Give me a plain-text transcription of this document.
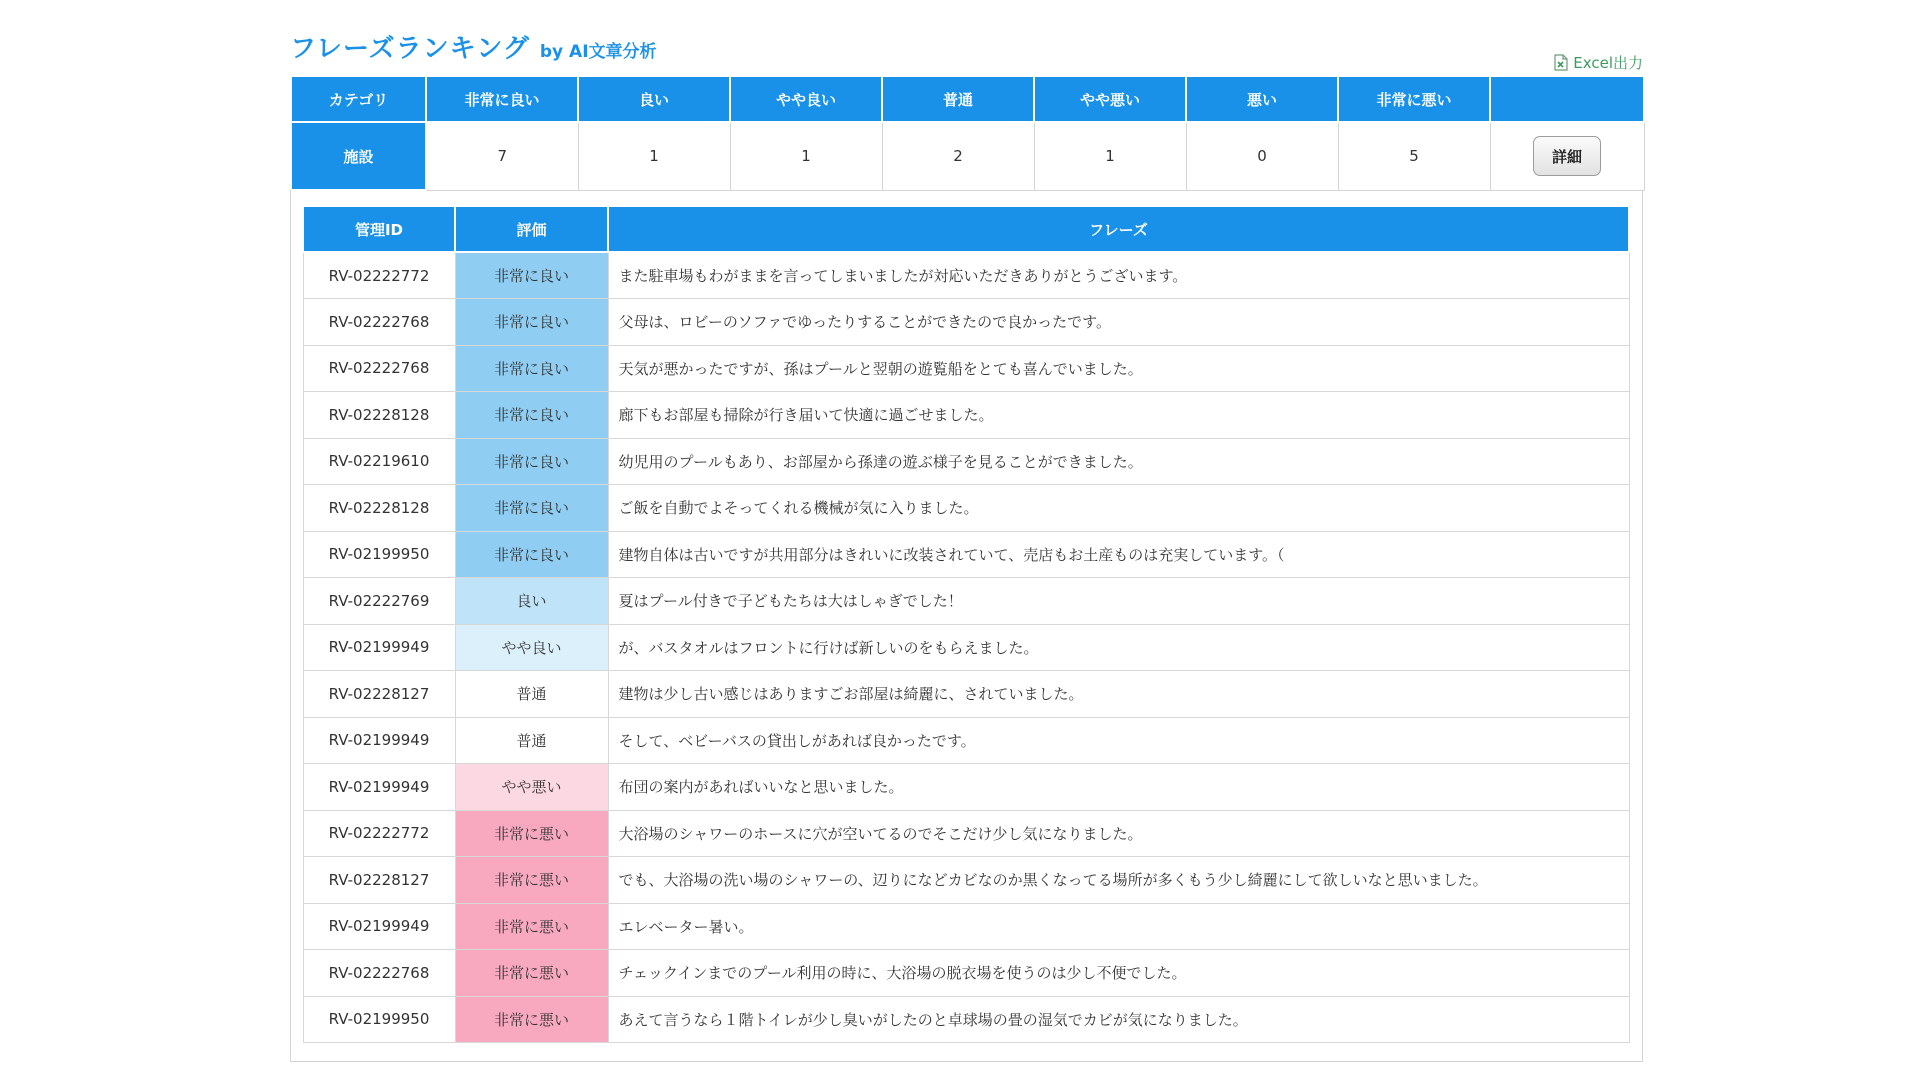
フレーズランキング by AI文章分析
Excel出力
カテゴリ	非常に良い	良い	やや良い	普通	やや悪い	悪い	非常に悪い	
施設	7	1	1	2	1	0	5	詳細
管理ID	評価	フレーズ
RV-02222772	非常に良い	また駐車場もわがままを言ってしまいましたが対応いただきありがとうございます。
RV-02222768	非常に良い	父母は、ロビーのソファでゆったりすることができたので良かったです。
RV-02222768	非常に良い	天気が悪かったですが、孫はプールと翌朝の遊覧船をとても喜んでいました。
RV-02228128	非常に良い	廊下もお部屋も掃除が行き届いて快適に過ごせました。
RV-02219610	非常に良い	幼児用のプールもあり、お部屋から孫達の遊ぶ様子を見ることができました。
RV-02228128	非常に良い	ご飯を自動でよそってくれる機械が気に入りました。
RV-02199950	非常に良い	建物自体は古いですが共用部分はきれいに改装されていて、売店もお土産ものは充実しています。（
RV-02222769	良い	夏はプール付きで子どもたちは大はしゃぎでした！
RV-02199949	やや良い	が、バスタオルはフロントに行けば新しいのをもらえました。
RV-02228127	普通	建物は少し古い感じはありますごお部屋は綺麗に、されていました。
RV-02199949	普通	そして、ベビーバスの貸出しがあれば良かったです。
RV-02199949	やや悪い	布団の案内があればいいなと思いました。
RV-02222772	非常に悪い	大浴場のシャワーのホースに穴が空いてるのでそこだけ少し気になりました。
RV-02228127	非常に悪い	でも、大浴場の洗い場のシャワーの、辺りになどカビなのか黒くなってる場所が多くもう少し綺麗にして欲しいなと思いました。
RV-02199949	非常に悪い	エレベーター暑い。
RV-02222768	非常に悪い	チェックインまでのプール利用の時に、大浴場の脱衣場を使うのは少し不便でした。
RV-02199950	非常に悪い	あえて言うなら１階トイレが少し臭いがしたのと卓球場の畳の湿気でカビが気になりました。
